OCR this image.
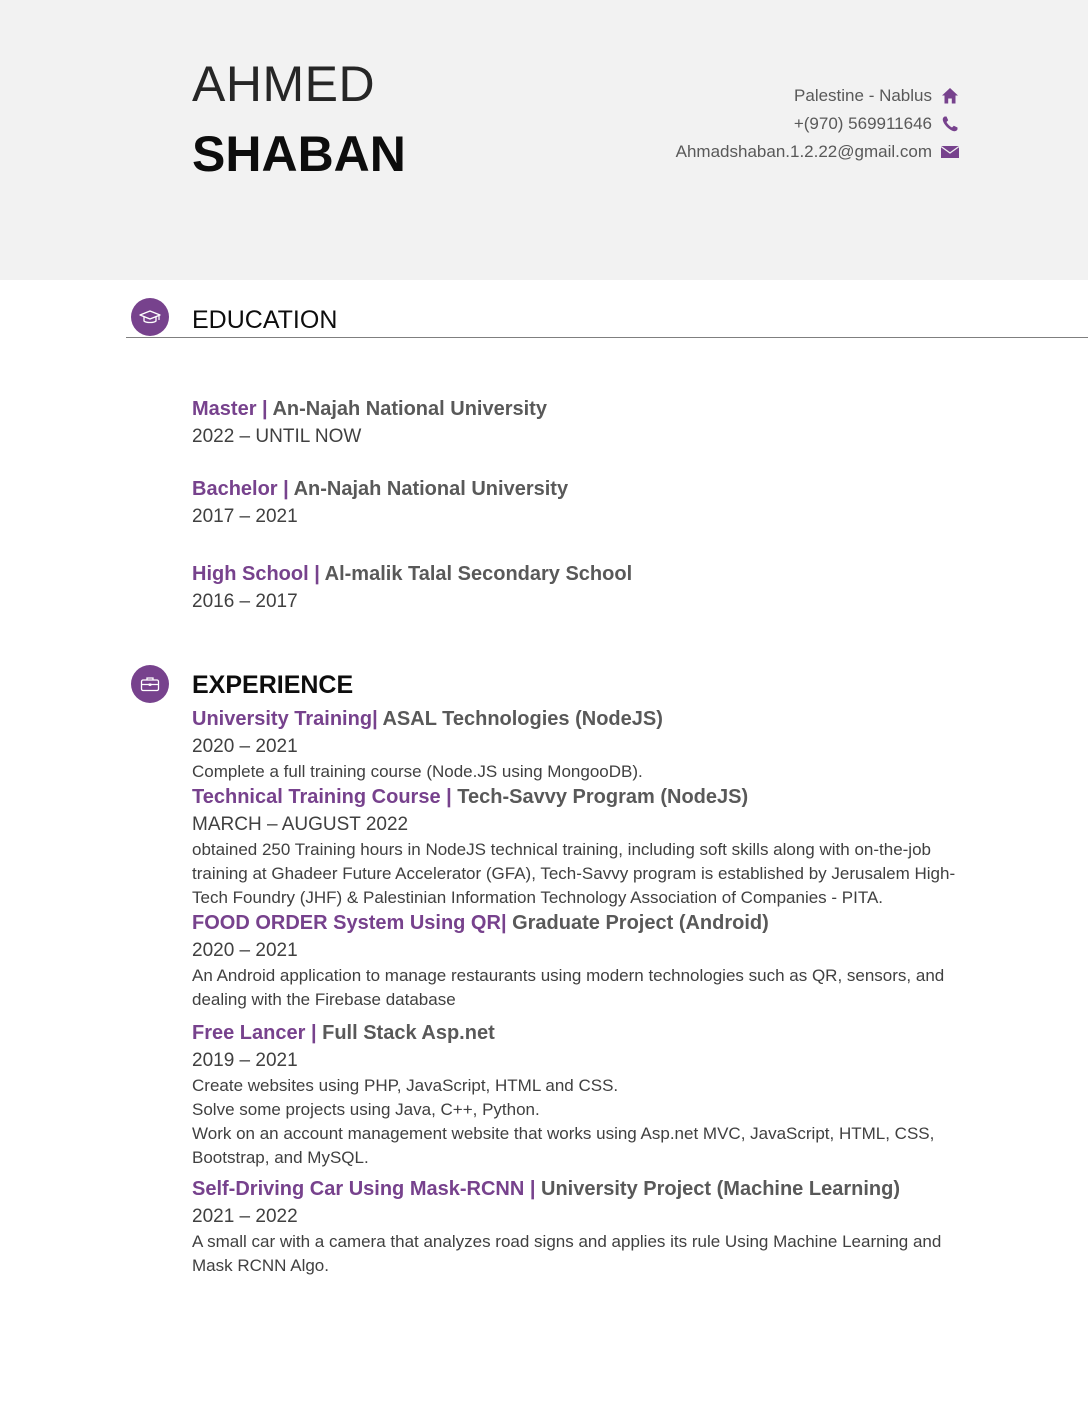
AHMED
SHABAN
Palestine - Nablus
+(970) 569911646
Ahmadshaban.1.2.22@gmail.com
EDUCATION
Master | An-Najah National University
2022 – UNTIL NOW
Bachelor | An-Najah National University
2017 – 2021
High School | Al-malik Talal Secondary School
2016 – 2017
EXPERIENCE
University Training| ASAL Technologies (NodeJS)
2020 – 2021
Complete a full training course (Node.JS using MongooDB).
Technical Training Course | Tech-Savvy Program (NodeJS)
MARCH – AUGUST 2022
obtained 250 Training hours in NodeJS technical training, including soft skills along with on-the-job training at Ghadeer Future Accelerator (GFA), Tech-Savvy program is established by Jerusalem High-Tech Foundry (JHF) & Palestinian Information Technology Association of Companies - PITA.
FOOD ORDER System Using QR| Graduate Project (Android)
2020 – 2021
An Android application to manage restaurants using modern technologies such as QR, sensors, and dealing with the Firebase database
Free Lancer | Full Stack Asp.net
2019 – 2021
Create websites using PHP, JavaScript, HTML and CSS.
Solve some projects using Java, C++, Python.
Work on an account management website that works using Asp.net MVC, JavaScript, HTML, CSS, Bootstrap, and MySQL.
Self-Driving Car Using Mask-RCNN | University Project (Machine Learning)
2021 – 2022
A small car with a camera that analyzes road signs and applies its rule Using Machine Learning and Mask RCNN Algo.
